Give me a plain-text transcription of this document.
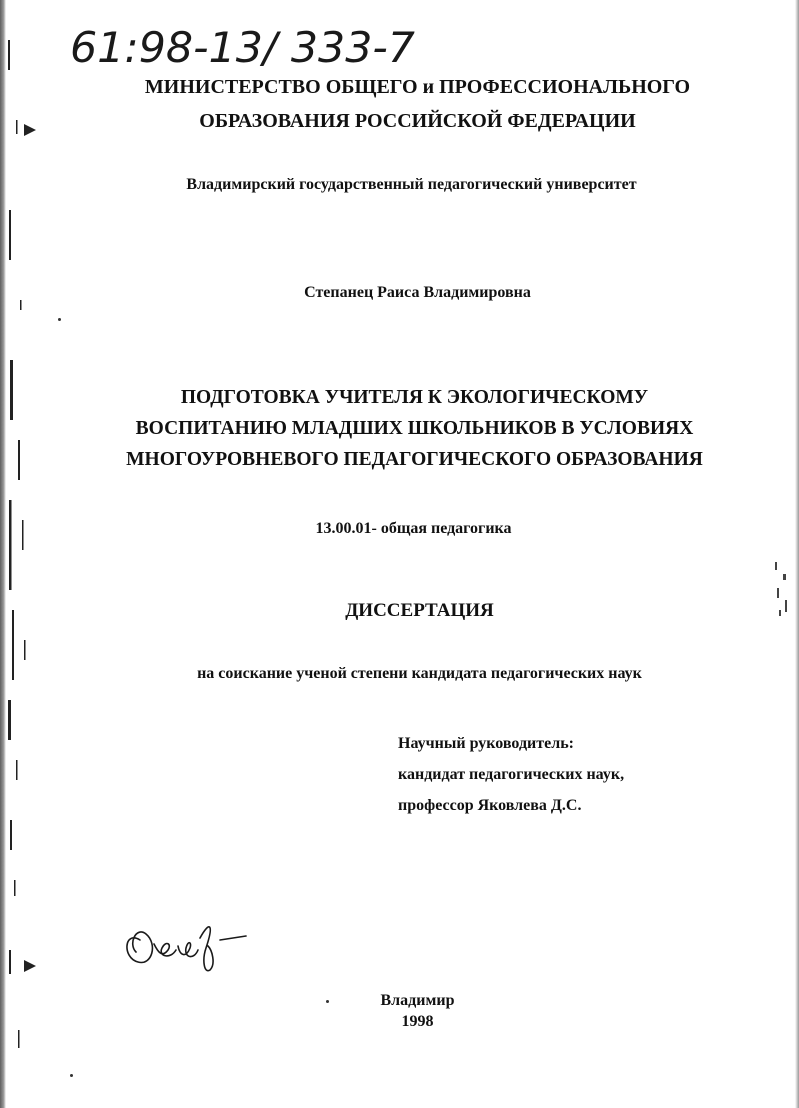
61:98-13/ 333-7
МИНИСТЕРСТВО ОБЩЕГО и ПРОФЕССИОНАЛЬНОГО
ОБРАЗОВАНИЯ РОССИЙСКОЙ ФЕДЕРАЦИИ
Владимирский государственный педагогический университет
Степанец Раиса Владимировна
ПОДГОТОВКА УЧИТЕЛЯ К ЭКОЛОГИЧЕСКОМУ
ВОСПИТАНИЮ МЛАДШИХ ШКОЛЬНИКОВ В УСЛОВИЯХ
МНОГОУРОВНЕВОГО ПЕДАГОГИЧЕСКОГО ОБРАЗОВАНИЯ
13.00.01- общая педагогика
ДИССЕРТАЦИЯ
на соискание ученой степени кандидата педагогических наук
Научный руководитель:
кандидат педагогических наук,
профессор Яковлева Д.С.
Владимир
1998
